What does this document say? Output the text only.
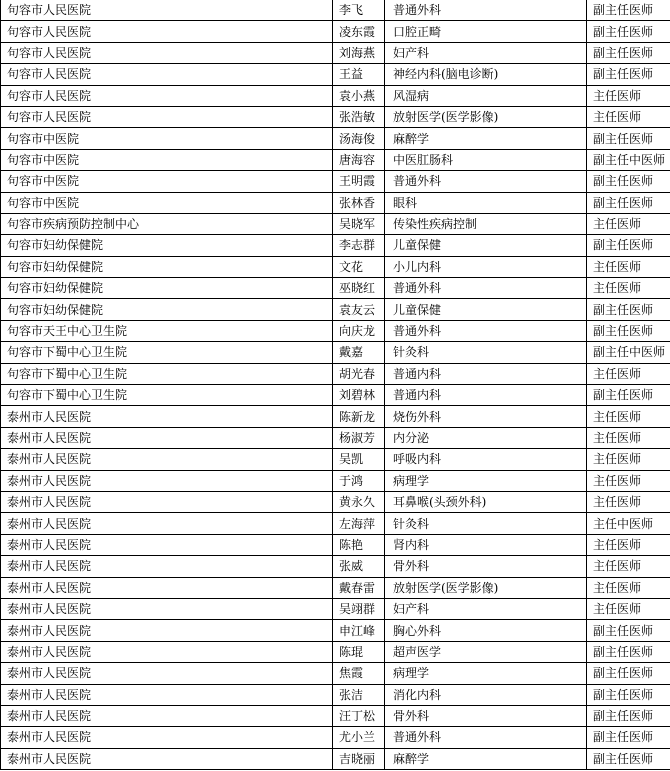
句容市人民医院	李飞	普通外科	副主任医师
句容市人民医院	凌东霞	口腔正畸	副主任医师
句容市人民医院	刘海燕	妇产科	副主任医师
句容市人民医院	王益	神经内科(脑电诊断)	副主任医师
句容市人民医院	袁小燕	风湿病	主任医师
句容市人民医院	张浩敏	放射医学(医学影像)	主任医师
句容市中医院	汤海俊	麻醉学	副主任医师
句容市中医院	唐海容	中医肛肠科	副主任中医师
句容市中医院	王明霞	普通外科	副主任医师
句容市中医院	张林香	眼科	副主任医师
句容市疾病预防控制中心	吴晓军	传染性疾病控制	主任医师
句容市妇幼保健院	李志群	儿童保健	副主任医师
句容市妇幼保健院	文花	小儿内科	主任医师
句容市妇幼保健院	巫晓红	普通外科	主任医师
句容市妇幼保健院	袁友云	儿童保健	副主任医师
句容市天王中心卫生院	向庆龙	普通外科	副主任医师
句容市下蜀中心卫生院	戴嘉	针灸科	副主任中医师
句容市下蜀中心卫生院	胡光春	普通内科	主任医师
句容市下蜀中心卫生院	刘碧林	普通内科	副主任医师
泰州市人民医院	陈新龙	烧伤外科	主任医师
泰州市人民医院	杨淑芳	内分泌	主任医师
泰州市人民医院	吴凯	呼吸内科	主任医师
泰州市人民医院	于鸿	病理学	主任医师
泰州市人民医院	黄永久	耳鼻喉(头颈外科)	主任医师
泰州市人民医院	左海萍	针灸科	主任中医师
泰州市人民医院	陈艳	肾内科	主任医师
泰州市人民医院	张威	骨外科	主任医师
泰州市人民医院	戴春雷	放射医学(医学影像)	主任医师
泰州市人民医院	吴翊群	妇产科	主任医师
泰州市人民医院	申江峰	胸心外科	副主任医师
泰州市人民医院	陈琨	超声医学	副主任医师
泰州市人民医院	焦霞	病理学	副主任医师
泰州市人民医院	张洁	消化内科	副主任医师
泰州市人民医院	汪丁松	骨外科	副主任医师
泰州市人民医院	尤小兰	普通外科	副主任医师
泰州市人民医院	吉晓丽	麻醉学	副主任医师
